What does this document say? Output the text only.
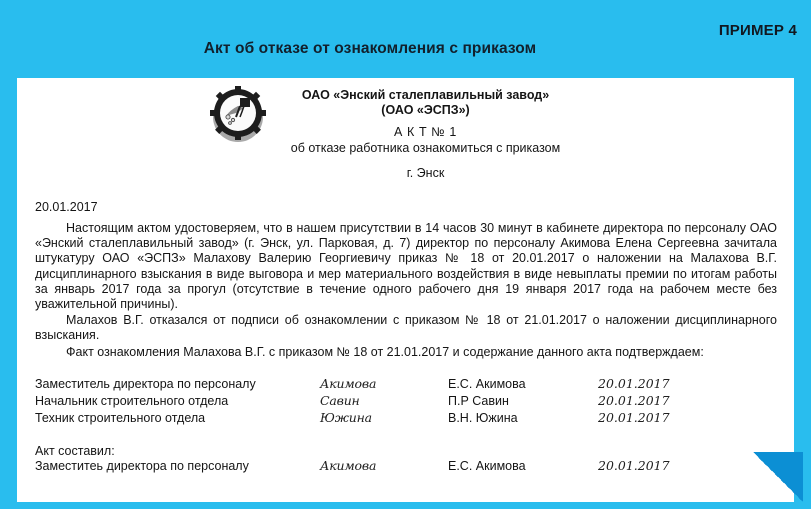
ПРИМЕР 4
Акт об отказе от ознакомления с приказом
ОАО «Энский сталеплавильный завод»
(ОАО «ЭСПЗ»)
А К Т № 1
об отказе работника ознакомиться с приказом
г. Энск
20.01.2017
Настоящим актом удостоверяем, что в нашем присутствии в 14 часов 30 минут в кабинете директора по персоналу ОАО «Энский сталеплавильный завод» (г. Энск, ул. Парковая, д. 7) директор по персоналу Акимова Елена Сергеевна зачитала штукатуру ОАО «ЭСПЗ» Малахову Валерию Георгиевичу приказ № 18 от 20.01.2017 о наложении на Малахова В.Г. дисциплинарного взыскания в виде выговора и мер материального воздействия в виде невыплаты премии по итогам работы за январь 2017 года за прогул (отсутствие в течение одного рабочего дня 19 января 2017 года на рабочем месте без уважительной причины).
Малахов В.Г. отказался от подписи об ознакомлении с приказом № 18 от 21.01.2017 о наложении дисциплинарного взыскания.
Факт ознакомления Малахова В.Г. с приказом № 18 от 21.01.2017 и содержание данного акта подтверждаем:
Заместитель директора по персоналу	Акимова	Е.С. Акимова	20.01.2017
Начальник строительного отдела	Савин	П.Р Савин	20.01.2017
Техник строительного отдела	Южина	В.Н. Южина	20.01.2017
Акт составил:
Заместитеь директора по персоналу	Акимова	Е.С. Акимова	20.01.2017
